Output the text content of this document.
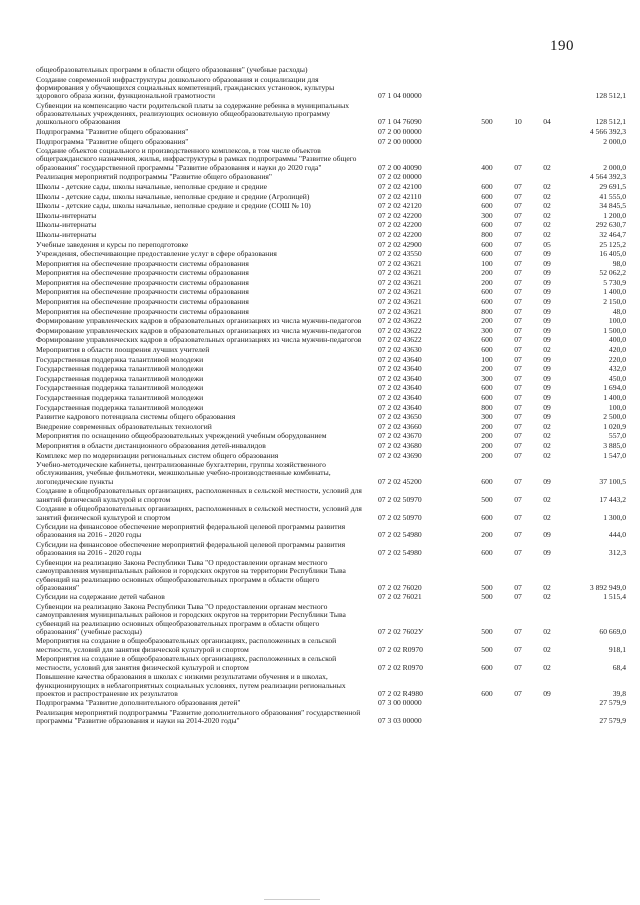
190
общеобразовательных программ в области общего образования" (учебные расходы)					
Создание современной инфраструктуры дошкольного образования и социализации для формирования у обучающихся социальных компетенций, гражданских установок, культуры здорового образа жизни, функциональной грамотности	07 1 04 00000				128 512,1
Субвенции на компенсацию части родительской платы за содержание ребенка в муниципальных образовательных учреждениях, реализующих основную общеобразовательную программу дошкольного образования	07 1 04 76090	500	10	04	128 512,1
Подпрограмма "Развитие общего образования"	07 2 00 00000				4 566 392,3
Подпрограмма "Развитие общего образования"	07 2 00 00000				2 000,0
Создание объектов социального и производственного комплексов, в том числе объектов общегражданского назначения, жилья, инфраструктуры в рамках подпрограммы "Развитие общего образования" государственной программы "Развитие образования и науки до 2020 года"	07 2 00 40090	400	07	02	2 000,0
Реализация мероприятий подпрограммы "Развитие общего образования"	07 2 02 00000				4 564 392,3
Школы - детские сады, школы начальные, неполные средние и средние	07 2 02 42100	600	07	02	29 691,5
Школы - детские сады, школы начальные, неполные средние и средние (Агролицей)	07 2 02 42110	600	07	02	41 555,0
Школы - детские сады, школы начальные, неполные средние и средние (СОШ № 10)	07 2 02 42120	600	07	02	34 845,5
Школы-интернаты	07 2 02 42200	300	07	02	1 200,0
Школы-интернаты	07 2 02 42200	600	07	02	292 630,7
Школы-интернаты	07 2 02 42200	800	07	02	32 464,7
Учебные заведения и курсы по переподготовке	07 2 02 42900	600	07	05	25 125,2
Учреждения, обеспечивающие предоставление услуг в сфере образования	07 2 02 43550	600	07	09	16 405,0
Мероприятия на обеспечение прозрачности системы образования	07 2 02 43621	100	07	09	98,0
Мероприятия на обеспечение прозрачности системы образования	07 2 02 43621	200	07	09	52 062,2
Мероприятия на обеспечение прозрачности системы образования	07 2 02 43621	200	07	09	5 730,9
Мероприятия на обеспечение прозрачности системы образования	07 2 02 43621	600	07	09	1 400,0
Мероприятия на обеспечение прозрачности системы образования	07 2 02 43621	600	07	09	2 150,0
Мероприятия на обеспечение прозрачности системы образования	07 2 02 43621	800	07	09	48,0
Формирование управленческих кадров в образовательных организациях из числа мужчин-педагогов	07 2 02 43622	200	07	09	100,0
Формирование управленческих кадров в образовательных организациях из числа мужчин-педагогов	07 2 02 43622	300	07	09	1 500,0
Формирование управленческих кадров в образовательных организациях из числа мужчин-педагогов	07 2 02 43622	600	07	09	400,0
Мероприятия в области поощрения лучших учителей	07 2 02 43630	600	07	02	420,0
Государственная поддержка талантливой молодежи	07 2 02 43640	100	07	09	220,0
Государственная поддержка талантливой молодежи	07 2 02 43640	200	07	09	432,0
Государственная поддержка талантливой молодежи	07 2 02 43640	300	07	09	450,0
Государственная поддержка талантливой молодежи	07 2 02 43640	600	07	09	1 694,0
Государственная поддержка талантливой молодежи	07 2 02 43640	600	07	09	1 400,0
Государственная поддержка талантливой молодежи	07 2 02 43640	800	07	09	100,0
Развитие кадрового потенциала системы общего образования	07 2 02 43650	300	07	09	2 500,0
Внедрение современных образовательных технологий	07 2 02 43660	200	07	02	1 020,9
Мероприятия по оснащению общеобразовательных учреждений учебным оборудованием	07 2 02 43670	200	07	02	557,0
Мероприятия в области дистанционного образования детей-инвалидов	07 2 02 43680	200	07	02	3 885,0
Комплекс мер по модернизации региональных систем общего образования	07 2 02 43690	200	07	02	1 547,0
Учебно-методические кабинеты, централизованные бухгалтерии, группы хозяйственного обслуживания, учебные фильмотеки, межшкольные учебно-производственные комбинаты, логопедические пункты	07 2 02 45200	600	07	09	37 100,5
Создание в общеобразовательных организациях, расположенных в сельской местности, условий для занятий физической культурой и спортом	07 2 02 50970	500	07	02	17 443,2
Создание в общеобразовательных организациях, расположенных в сельской местности, условий для занятий физической культурой и спортом	07 2 02 50970	600	07	02	1 300,0
Субсидии на финансовое обеспечение мероприятий федеральной целевой программы развития образования на 2016 - 2020 годы	07 2 02 54980	200	07	09	444,0
Субсидии на финансовое обеспечение мероприятий федеральной целевой программы развития образования на 2016 - 2020 годы	07 2 02 54980	600	07	09	312,3
Субвенции на реализацию Закона Республики Тыва "О предоставлении органам местного самоуправления муниципальных районов и городских округов на территории Республики Тыва субвенций на реализацию основных общеобразовательных программ в области общего образования"	07 2 02 76020	500	07	02	3 892 949,0
Субсидии на содержание детей чабанов	07 2 02 76021	500	07	02	1 515,4
Субвенции на реализацию Закона Республики Тыва "О предоставлении органам местного самоуправления муниципальных районов и городских округов на территории Республики Тыва субвенций на реализацию основных общеобразовательных программ в области общего образования" (учебные расходы)	07 2 02 7602У	500	07	02	60 669,0
Мероприятия на создание в общеобразовательных организациях, расположенных в сельской местности, условий для занятия физической культурой и спортом	07 2 02 R0970	500	07	02	918,1
Мероприятия на создание в общеобразовательных организациях, расположенных в сельской местности, условий для занятия физической культурой и спортом	07 2 02 R0970	600	07	02	68,4
Повышение качества образования в школах с низкими результатами обучения и в школах, функционирующих в неблагоприятных социальных условиях, путем реализации региональных проектов и распространение их результатов	07 2 02 R4980	600	07	09	39,8
Подпрограмма "Развитие дополнительного образования детей"	07 3 00 00000				27 579,9
Реализация мероприятий подпрограммы "Развитие дополнительного образования" государственной программы "Развитие образования и науки на 2014-2020 годы"	07 3 03 00000				27 579,9
